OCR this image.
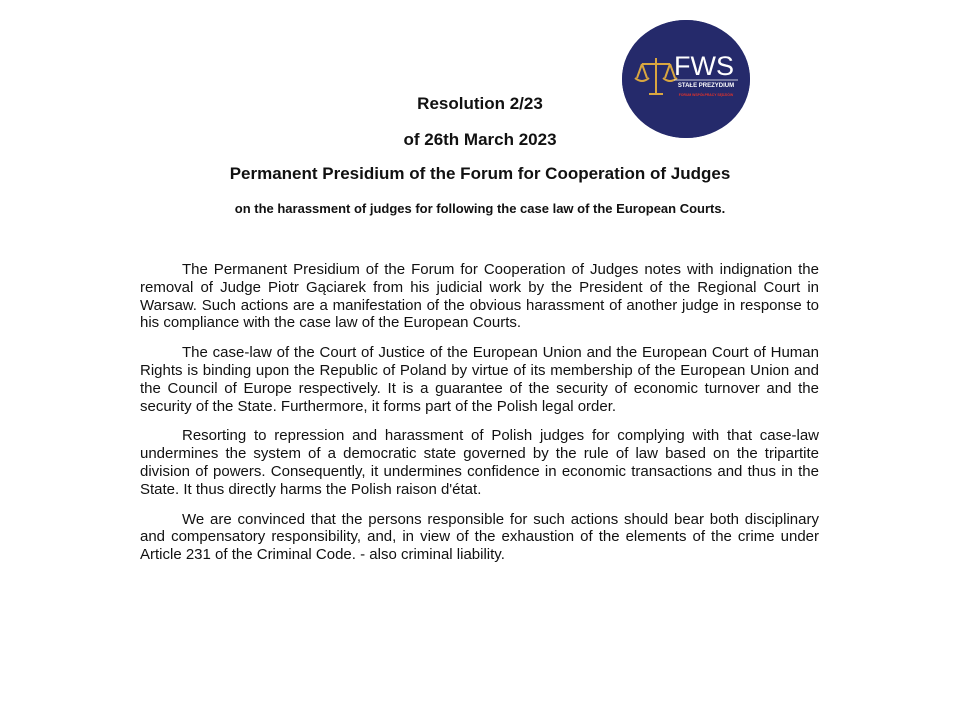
FWS
STAŁE PREZYDIUM
FORUM WSPÓŁPRACY SĘDZIÓW
Resolution 2/23
of 26th March 2023
Permanent Presidium of the Forum for Cooperation of Judges
on the harassment of judges for following the case law of the European Courts.

The Permanent Presidium of the Forum for Cooperation of Judges notes with indignation the removal of Judge Piotr Gąciarek from his judicial work by the President of the Regional Court in Warsaw. Such actions are a manifestation of the obvious harassment of another judge in response to his compliance with the case law of the European Courts.

The case-law of the Court of Justice of the European Union and the European Court of Human Rights is binding upon the Republic of Poland by virtue of its membership of the European Union and the Council of Europe respectively. It is a guarantee of the security of economic turnover and the security of the State. Furthermore, it forms part of the Polish legal order.

Resorting to repression and harassment of Polish judges for complying with that case-law undermines the system of a democratic state governed by the rule of law based on the tripartite division of powers. Consequently, it undermines confidence in economic transactions and thus in the State. It thus directly harms the Polish raison d'état.

We are convinced that the persons responsible for such actions should bear both disciplinary and compensatory responsibility, and, in view of the exhaustion of the elements of the crime under Article 231 of the Criminal Code. - also criminal liability.
